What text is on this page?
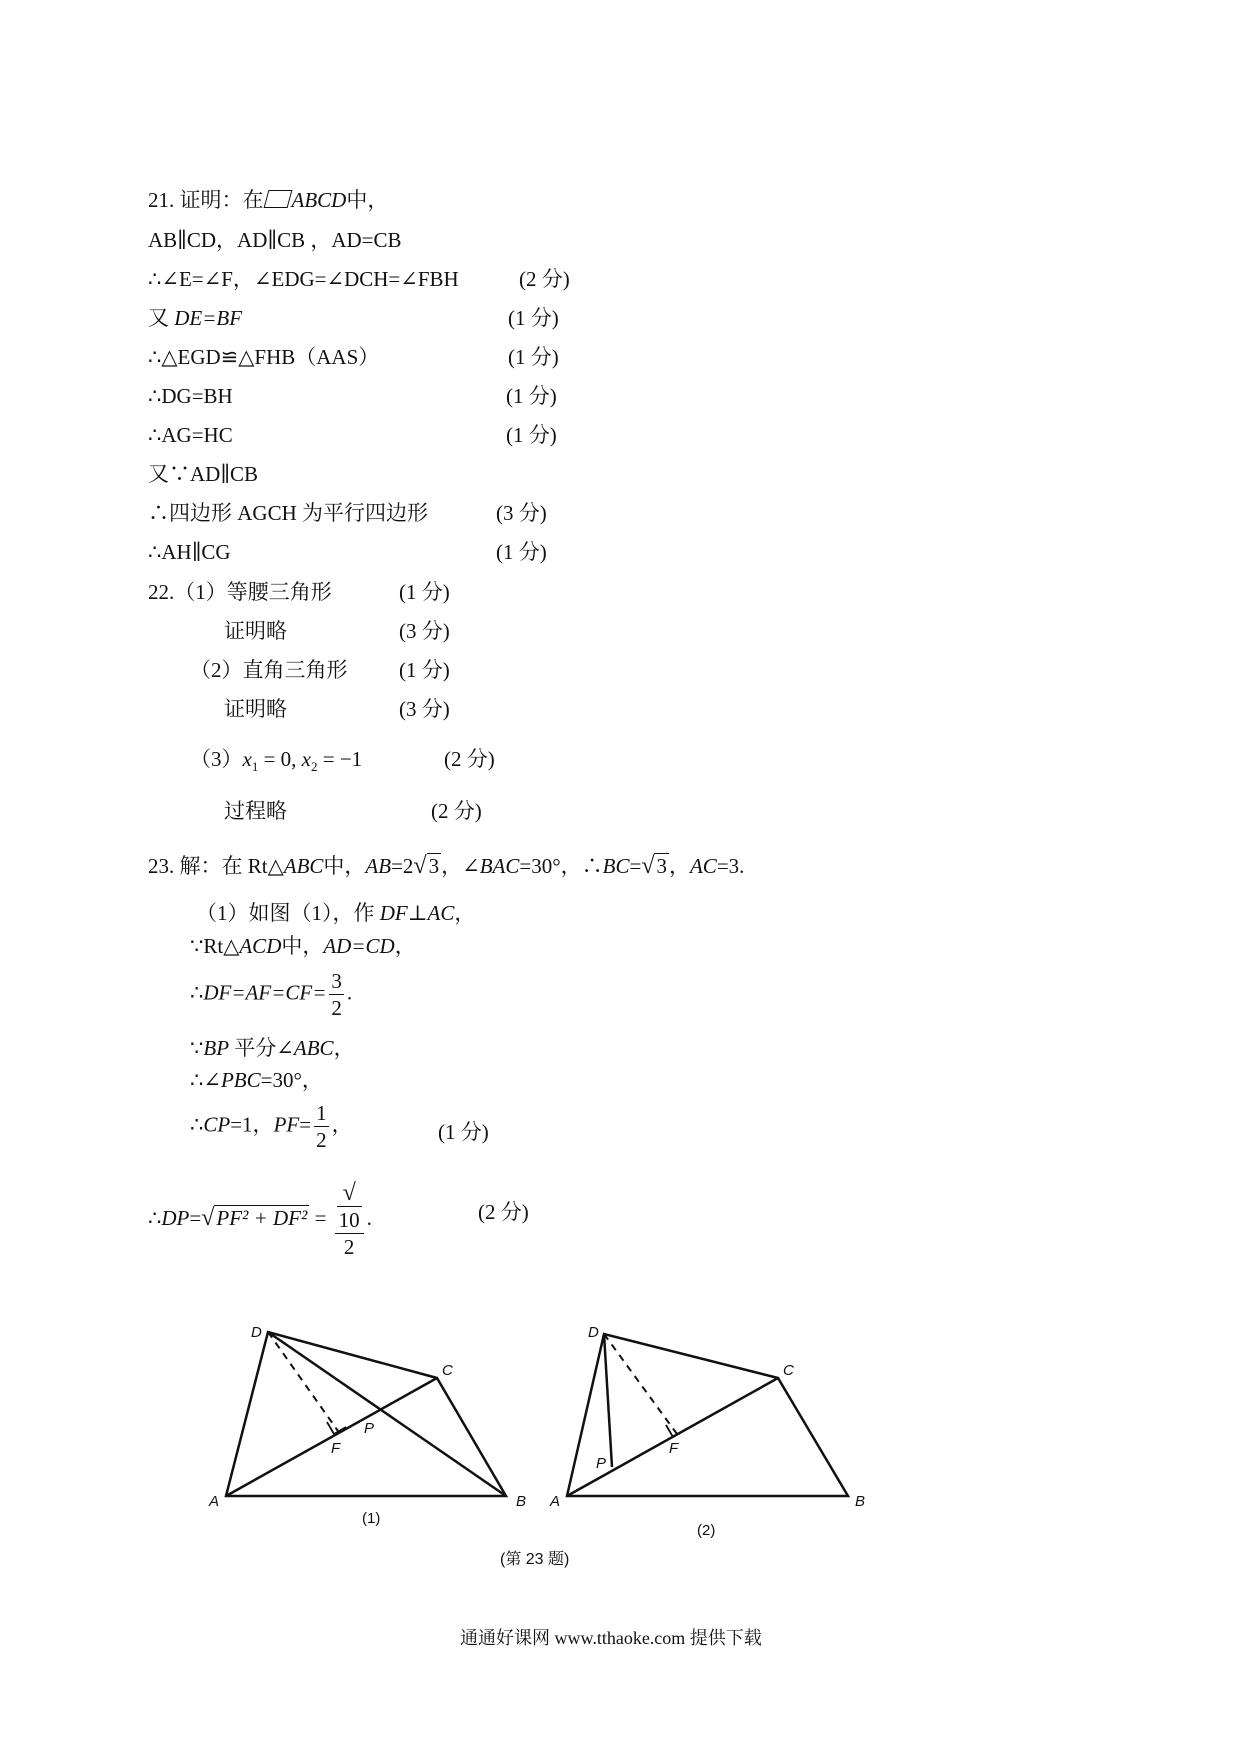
21. 证明：在 ABCD中，
AB∥CD，AD∥CB ，AD=CB
∴∠E=∠F，∠EDG=∠DCH=∠FBH	(2 分)
又 DE=BF	(1 分)
∴△EGD≌△FHB（AAS）	(1 分)
∴DG=BH	(1 分)
∴AG=HC	(1 分)
又∵AD∥CB
∴四边形 AGCH 为平行四边形	(3 分)
∴AH∥CG	(1 分)
22.（1）等腰三角形	(1 分)
证明略	(3 分)
（2）直角三角形 (1 分)
证明略	(3 分)
$(3)x_1 = 0$, $x_2 = -1$	(2 分)
过程略	(2 分)
23. 解：在 Rt△ABC中，AB=2√3，∠BAC=30°，∴BC=√3，AC=3.
（1）如图（1），作 DF⊥AC，
∵Rt△ACD中，AD=CD，
∴DF=AF=CF= $\frac{3}{2}$ .
∵BP 平分∠ABC，
∴∠PBC=30°，
∴CP=1，$PF= \frac{1}{2}$ ，	(1 分)
∴DP=√PF² + DF² = √
10
2 .	(2 分)
D
C
F
P
A	B
(1)
D
C
F
P
A	B
(2)
(第 23 题)
通通好课网 www.tthaoke.com 提供下载
